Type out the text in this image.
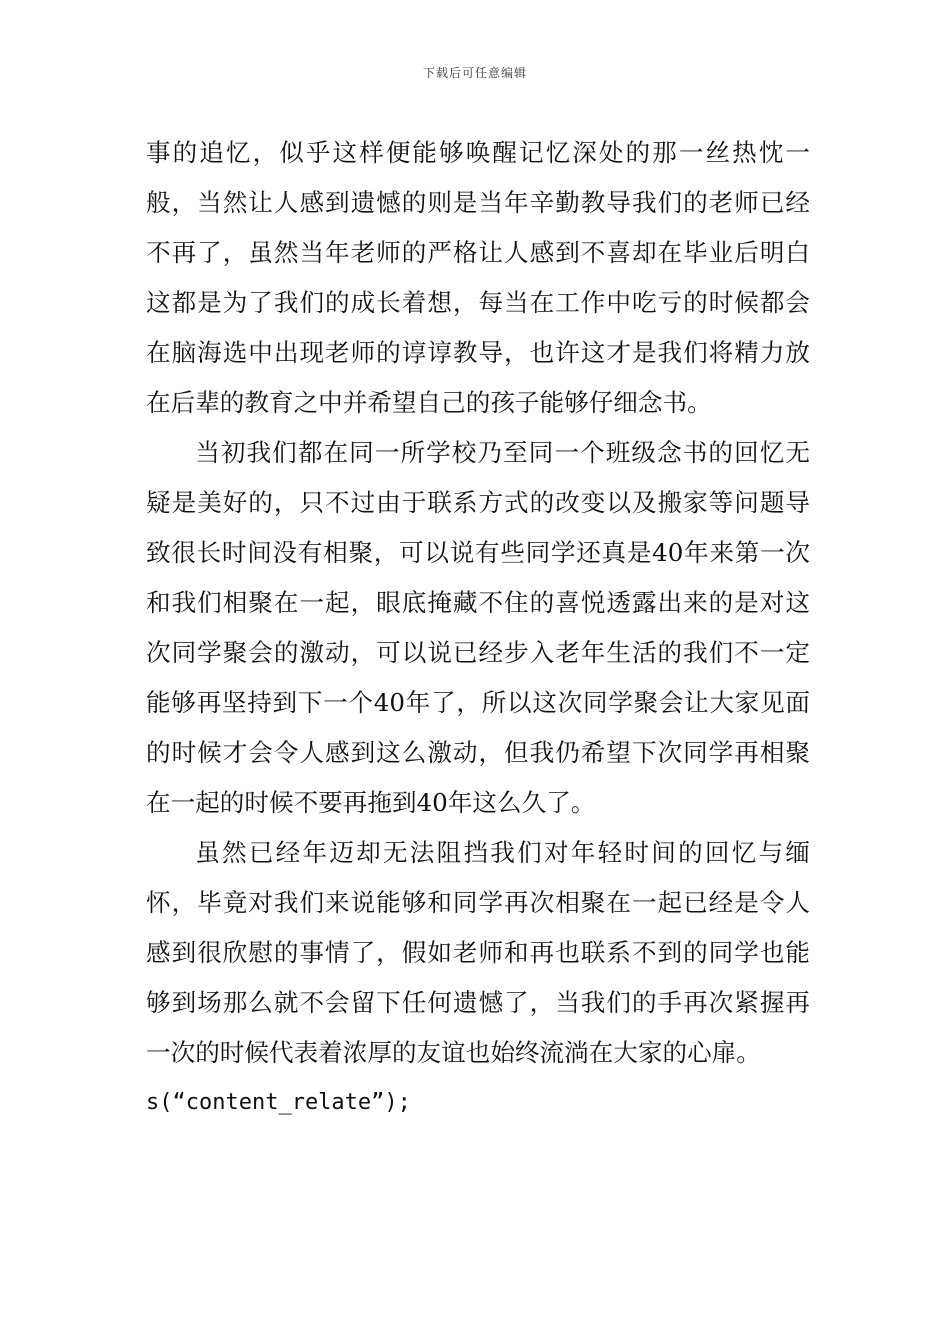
下载后可任意编辑

事的追忆，似乎这样便能够唤醒记忆深处的那一丝热忱一般，当然让人感到遗憾的则是当年辛勤教导我们的老师已经不再了，虽然当年老师的严格让人感到不喜却在毕业后明白这都是为了我们的成长着想，每当在工作中吃亏的时候都会在脑海选中出现老师的谆谆教导，也许这才是我们将精力放在后辈的教育之中并希望自己的孩子能够仔细念书。

当初我们都在同一所学校乃至同一个班级念书的回忆无疑是美好的，只不过由于联系方式的改变以及搬家等问题导致很长时间没有相聚，可以说有些同学还真是40年来第一次和我们相聚在一起，眼底掩藏不住的喜悦透露出来的是对这次同学聚会的激动，可以说已经步入老年生活的我们不一定能够再坚持到下一个40年了，所以这次同学聚会让大家见面的时候才会令人感到这么激动，但我仍希望下次同学再相聚在一起的时候不要再拖到40年这么久了。

虽然已经年迈却无法阻挡我们对年轻时间的回忆与缅怀，毕竟对我们来说能够和同学再次相聚在一起已经是令人感到很欣慰的事情了，假如老师和再也联系不到的同学也能够到场那么就不会留下任何遗憾了，当我们的手再次紧握再一次的时候代表着浓厚的友谊也始终流淌在大家的心扉。

s(“content_relate”);
